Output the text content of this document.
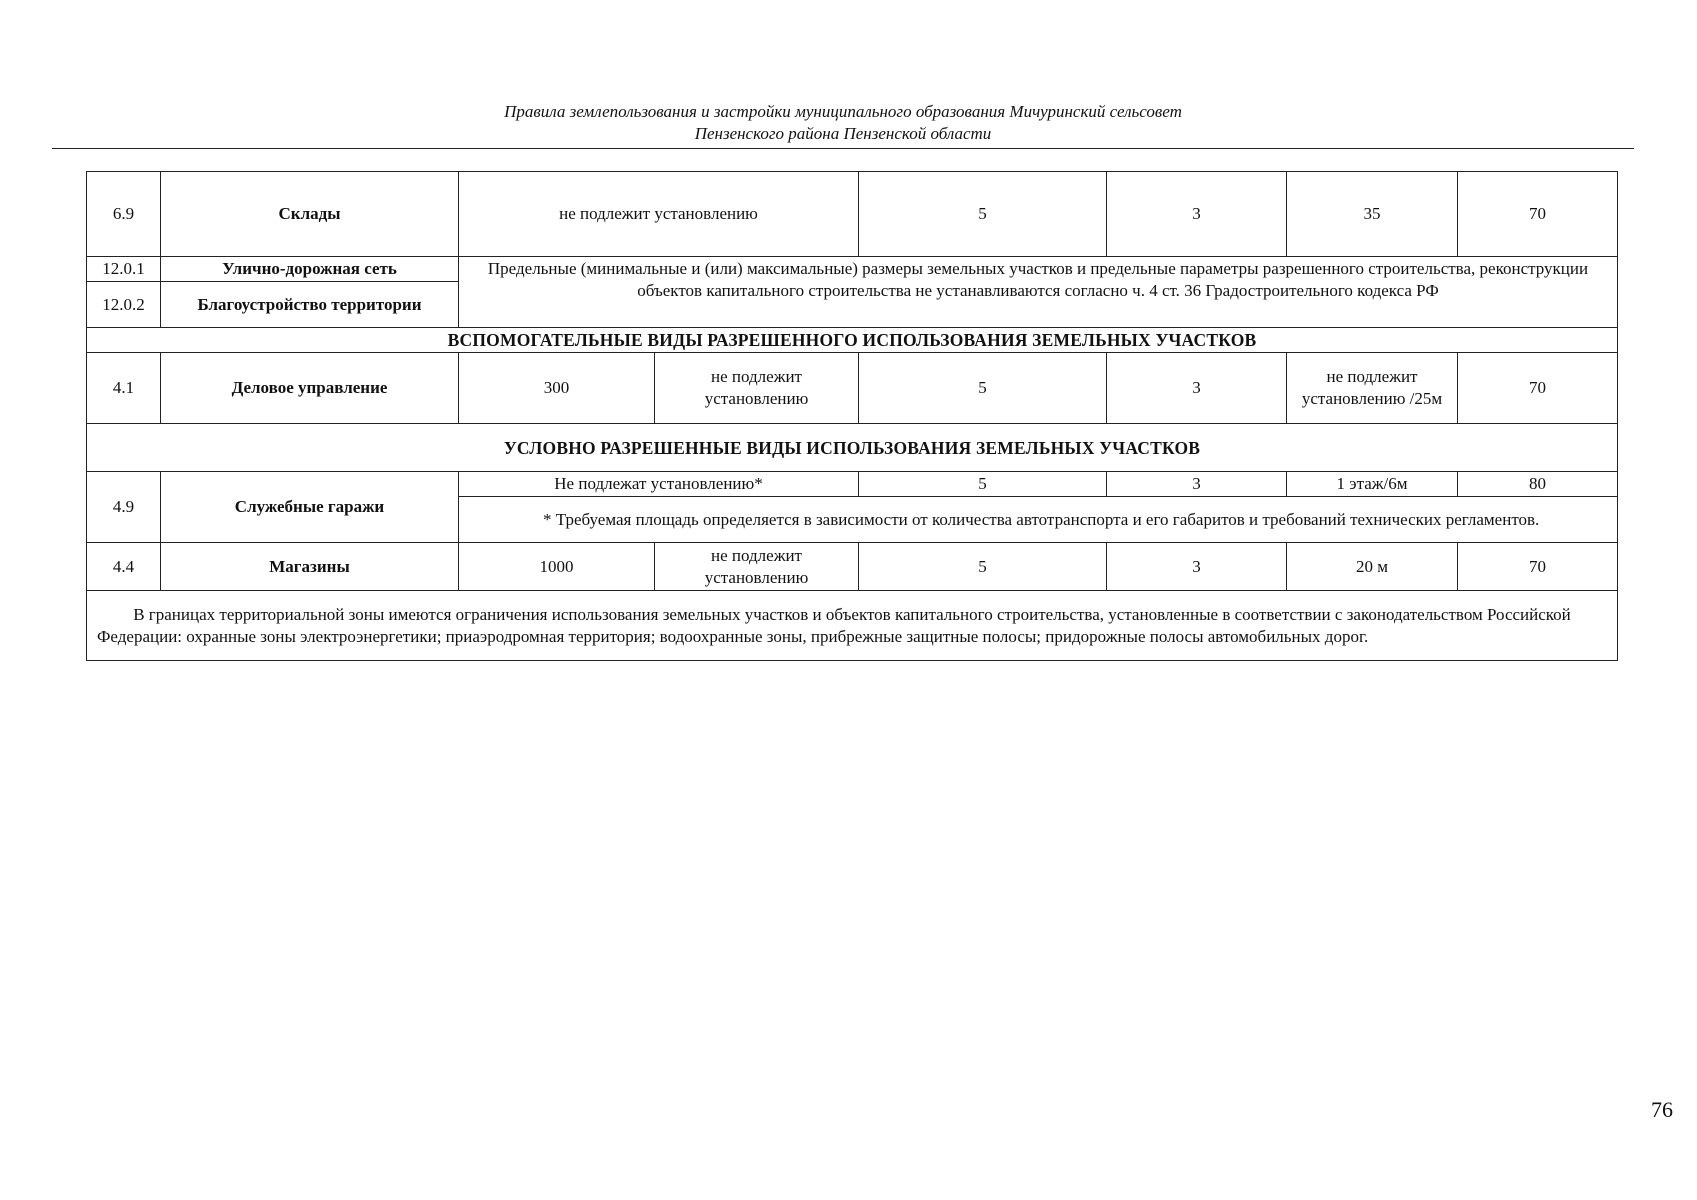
Правила землепользования и застройки муниципального образования Мичуринский сельсовет
Пензенского района Пензенской области
6.9	Склады	не подлежит установлению		5	3	35	70
12.0.1	Улично-дорожная сеть	Предельные (минимальные и (или) максимальные) размеры земельных участков и предельные параметры разрешенного строительства, реконструкции объектов капитального строительства не устанавливаются согласно ч. 4 ст. 36 Градостроительного кодекса РФ					
12.0.2	Благоустройство территории						
ВСПОМОГАТЕЛЬНЫЕ ВИДЫ РАЗРЕШЕННОГО ИСПОЛЬЗОВАНИЯ ЗЕМЕЛЬНЫХ УЧАСТКОВ							
4.1	Деловое управление	300	не подлежит установлению	5	3	не подлежит установлению /25м	70
УСЛОВНО РАЗРЕШЕННЫЕ ВИДЫ ИСПОЛЬЗОВАНИЯ ЗЕМЕЛЬНЫХ УЧАСТКОВ							
4.9	Служебные гаражи	Не подлежат установлению*		5	3	1 этаж/6м	80
		* Требуемая площадь определяется в зависимости от количества автотранспорта и его габаритов и требований технических регламентов.					
4.4	Магазины	1000	не подлежит установлению	5	3	20 м	70
В границах территориальной зоны имеются ограничения использования земельных участков и объектов капитального строительства, установленные в соответствии с законодательством Российской Федерации: охранные зоны электроэнергетики; приаэродромная территория; водоохранные зоны, прибрежные защитные полосы; придорожные полосы автомобильных дорог.							
76
